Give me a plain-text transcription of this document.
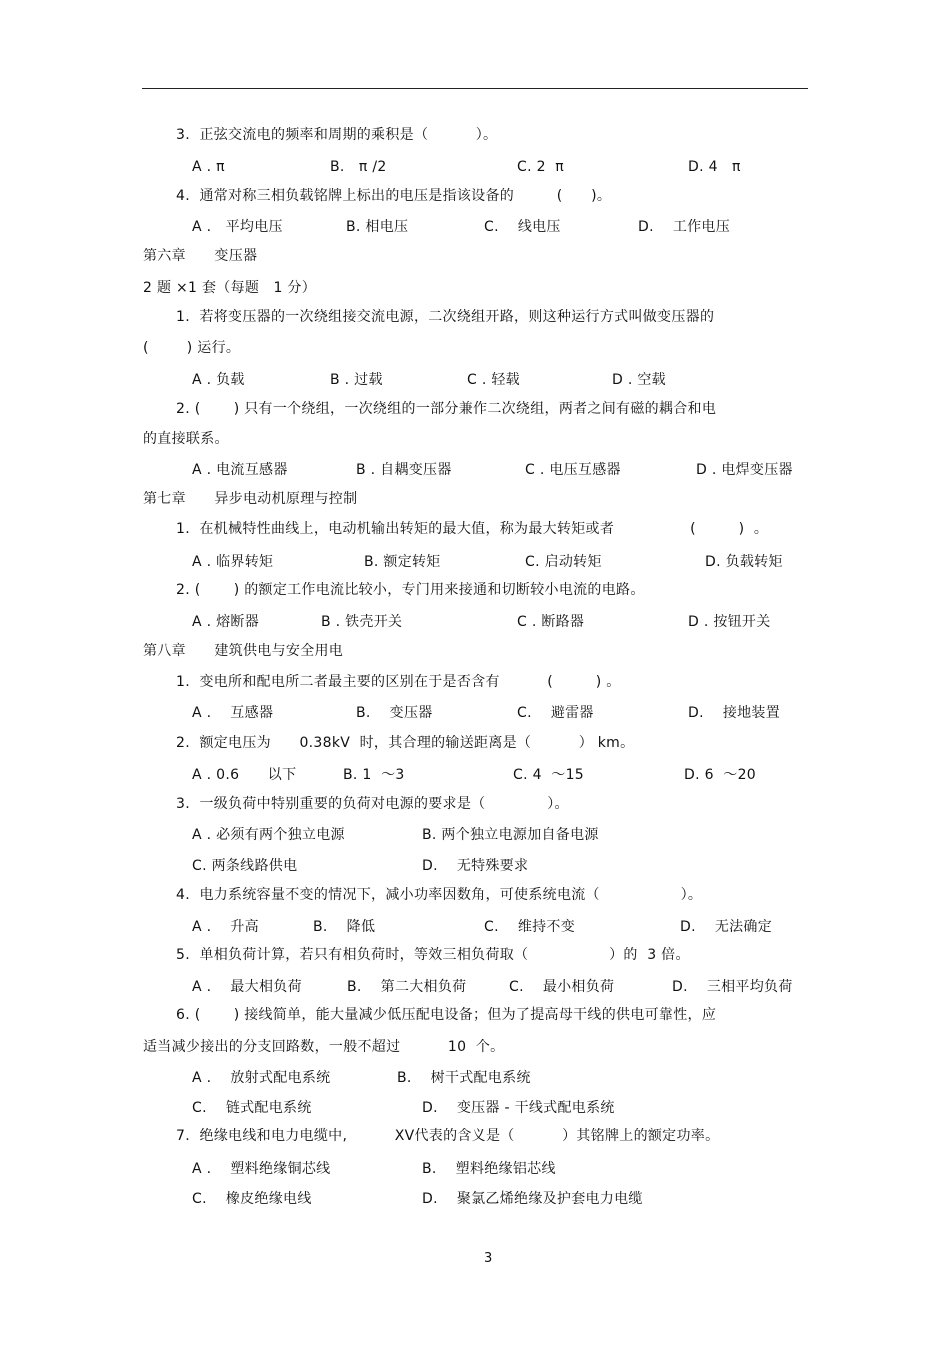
3.  正弦交流电的频率和周期的乘积是（          ）。
A . π	B.   π /2	C. 2  π	D. 4   π
4.  通常对称三相负载铭牌上标出的电压是指该设备的         (      )。
A .   平均电压	B. 相电压	C.    线电压	D.    工作电压
第六章      变压器
2 题 ×1 套（每题   1 分）
1.  若将变压器的一次绕组接交流电源，二次绕组开路，则这种运行方式叫做变压器的
(        ) 运行。
A . 负载	B . 过载	C . 轻载	D . 空载
2. (       ) 只有一个绕组，一次绕组的一部分兼作二次绕组，两者之间有磁的耦合和电
的直接联系。
A . 电流互感器	B . 自耦变压器	C . 电压互感器	D . 电焊变压器
第七章      异步电动机原理与控制
1.  在机械特性曲线上，电动机输出转矩的最大值，称为最大转矩或者                (         )  。
A . 临界转矩	B. 额定转矩	C. 启动转矩	D. 负载转矩
2. (       ) 的额定工作电流比较小，专门用来接通和切断较小电流的电路。
A . 熔断器	B . 铁壳开关	C . 断路器	D . 按钮开关
第八章      建筑供电与安全用电
1.  变电所和配电所二者最主要的区别在于是否含有          (         ) 。
A .    互感器	B.    变压器	C.    避雷器	D.    接地装置
2.  额定电压为      0.38kV  时，其合理的输送距离是（          ） km。
A . 0.6      以下	B. 1  ～3	C. 4  ～15	D. 6  ～20
3.  一级负荷中特别重要的负荷对电源的要求是（             ）。
A . 必须有两个独立电源	B. 两个独立电源加自备电源
C. 两条线路供电	D.    无特殊要求
4.  电力系统容量不变的情况下，减小功率因数角，可使系统电流（                 ）。
A .    升高	B.    降低	C.    维持不变	D.    无法确定
5.  单相负荷计算，若只有相负荷时，等效三相负荷取（                 ）的  3 倍。
A .    最大相负荷	B.    第二大相负荷	C.    最小相负荷	D.    三相平均负荷
6. (       ) 接线简单，能大量减少低压配电设备；但为了提高母干线的供电可靠性，应
适当减少接出的分支回路数，一般不超过          10  个。
A .    放射式配电系统	B.    树干式配电系统
C.    链式配电系统	D.    变压器 - 干线式配电系统
7.  绝缘电线和电力电缆中,          XV代表的含义是（          ）其铭牌上的额定功率。
A .    塑料绝缘铜芯线	B.    塑料绝缘铝芯线
C.    橡皮绝缘电线	D.    聚氯乙烯绝缘及护套电力电缆
3
